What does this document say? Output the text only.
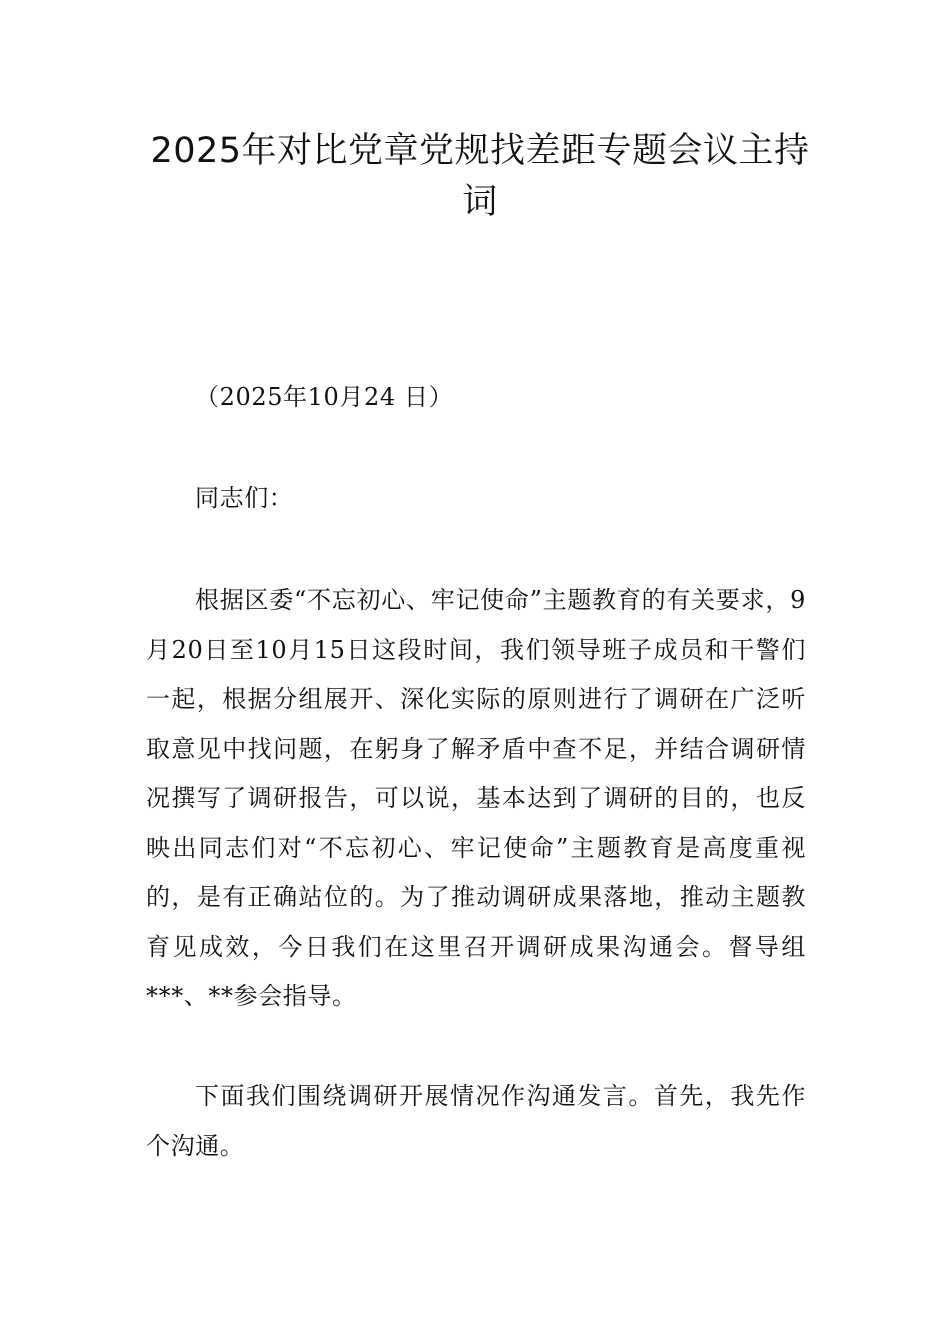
2025年对比党章党规找差距专题会议主持词

（2025年10月24 日）

同志们：

根据区委“不忘初心、牢记使命”主题教育的有关要求，9月20日至10月15日这段时间，我们领导班子成员和干警们一起，根据分组展开、深化实际的原则进行了调研在广泛听取意见中找问题，在躬身了解矛盾中查不足，并结合调研情况撰写了调研报告，可以说，基本达到了调研的目的，也反映出同志们对“不忘初心、牢记使命”主题教育是高度重视的，是有正确站位的。为了推动调研成果落地，推动主题教育见成效，今日我们在这里召开调研成果沟通会。督导组***、**参会指导。

下面我们围绕调研开展情况作沟通发言。首先，我先作个沟通。
